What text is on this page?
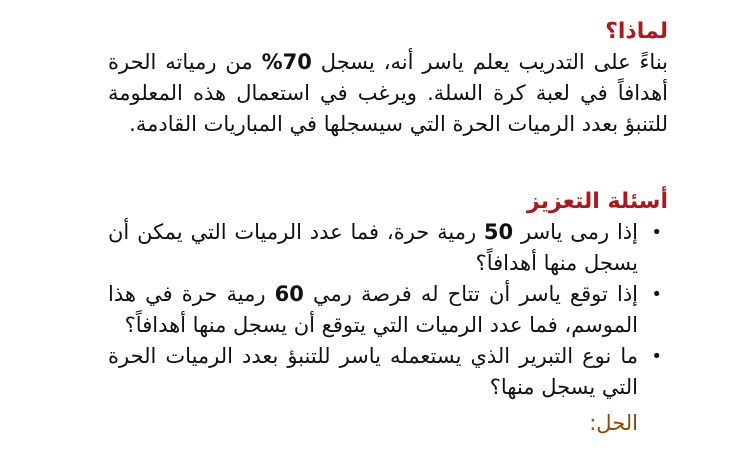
لماذا؟
بناءً على التدريب يعلم ياسر أنه، يسجل 70% من رمياته الحرة أهدافاً في لعبة كرة السلة. ويرغب في استعمال هذه المعلومة للتنبؤ بعدد الرميات الحرة التي سيسجلها في المباريات القادمة.
أسئلة التعزيز
•
إذا رمى ياسر 50 رمية حرة، فما عدد الرميات التي يمكن أن يسجل منها أهدافاً؟
•
إذا توقع ياسر أن تتاح له فرصة رمي 60 رمية حرة في هذا الموسم، فما عدد الرميات التي يتوقع أن يسجل منها أهدافاً؟
•
ما نوع التبرير الذي يستعمله ياسر للتنبؤ بعدد الرميات الحرة التي يسجل منها؟
الحل:
